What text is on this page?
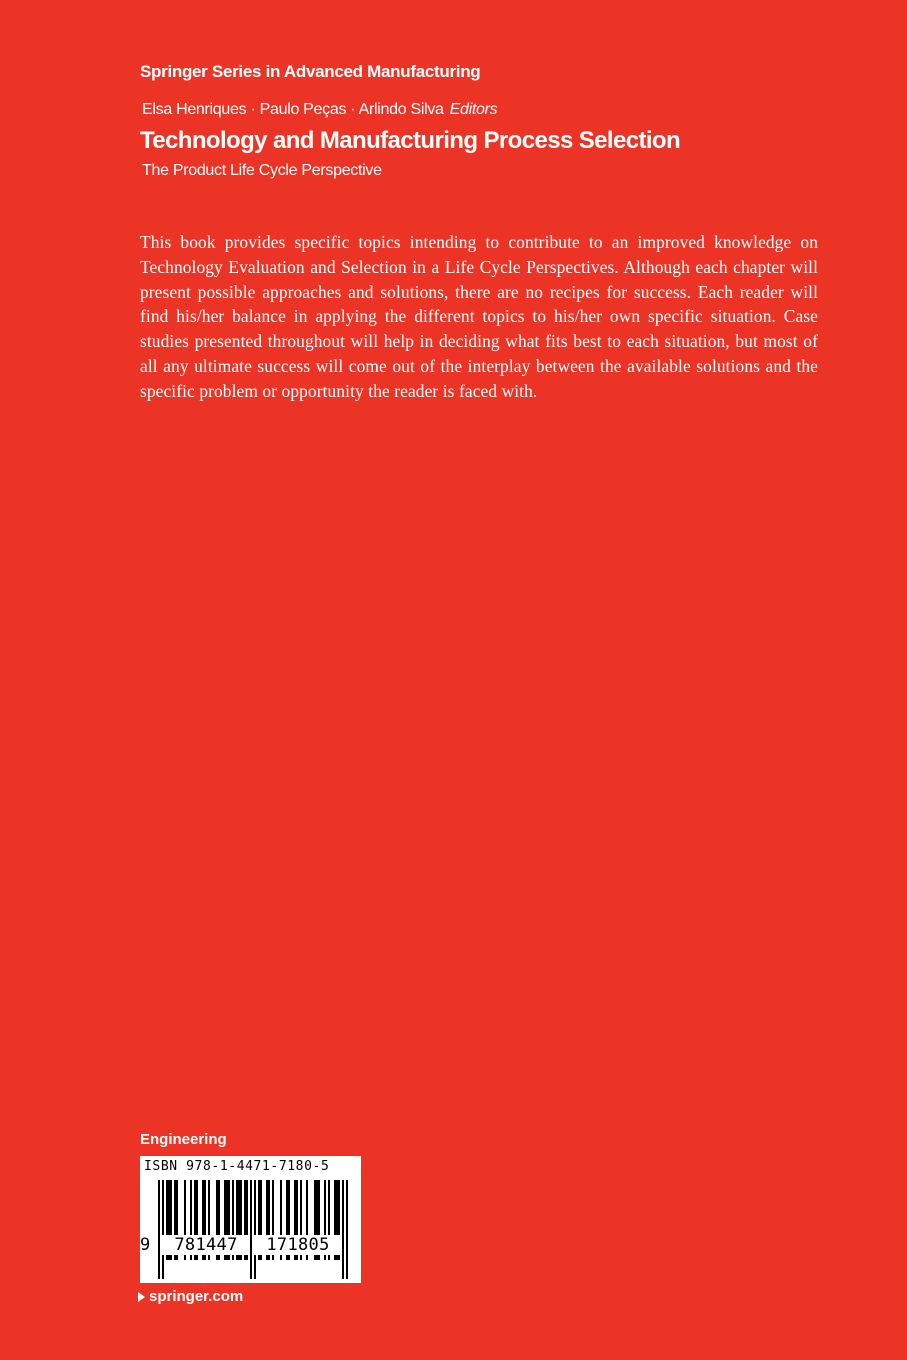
Springer Series in Advanced Manufacturing
Elsa Henriques · Paulo Peças · Arlindo Silva Editors
Technology and Manufacturing Process Selection
The Product Life Cycle Perspective

This book provides specific topics intending to contribute to an improved knowledge on Technology Evaluation and Selection in a Life Cycle Perspectives. Although each chapter will present possible approaches and solutions, there are no recipes for success. Each reader will find his/her balance in applying the different topics to his/her own specific situation. Case studies presented throughout will help in deciding what fits best to each situation, but most of all any ultimate success will come out of the interplay between the available solutions and the specific problem or opportunity the reader is faced with.

Engineering
ISBN 978-1-4471-7180-5
9	781447	171805
springer.com
